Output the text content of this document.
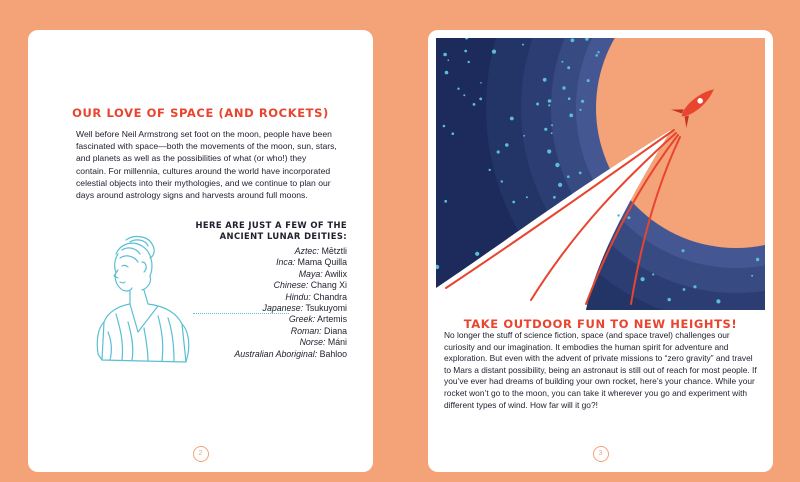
OUR LOVE OF SPACE (AND ROCKETS)
Well before Neil Armstrong set foot on the moon, people have been fascinated with space—both the movements of the moon, sun, stars, and planets as well as the possibilities of what (or who!) they contain. For millennia, cultures around the world have incorporated celestial objects into their mythologies, and we continue to plan our days around astrology signs and harvests around full moons.
HERE ARE JUST A FEW OF THE
ANCIENT LUNAR DEITIES:
Aztec: Mētztli
Inca: Mama Quilla
Maya: Awilix
Chinese: Chang Xi
Hindu: Chandra
Japanese: Tsukuyomi
Greek: Artemis
Roman: Diana
Norse: Máni
Australian Aboriginal: Bahloo
2
TAKE OUTDOOR FUN TO NEW HEIGHTS!
No longer the stuff of science fiction, space (and space travel) challenges our curiosity and our imagination. It embodies the human spirit for adventure and exploration. But even with the advent of private missions to “zero gravity” and travel to Mars a distant possibility, being an astronaut is still out of reach for most people. If you’ve ever had dreams of building your own rocket, here’s your chance. While your rocket won’t go to the moon, you can take it wherever you go and experiment with different types of wind. How far will it go?!
3
